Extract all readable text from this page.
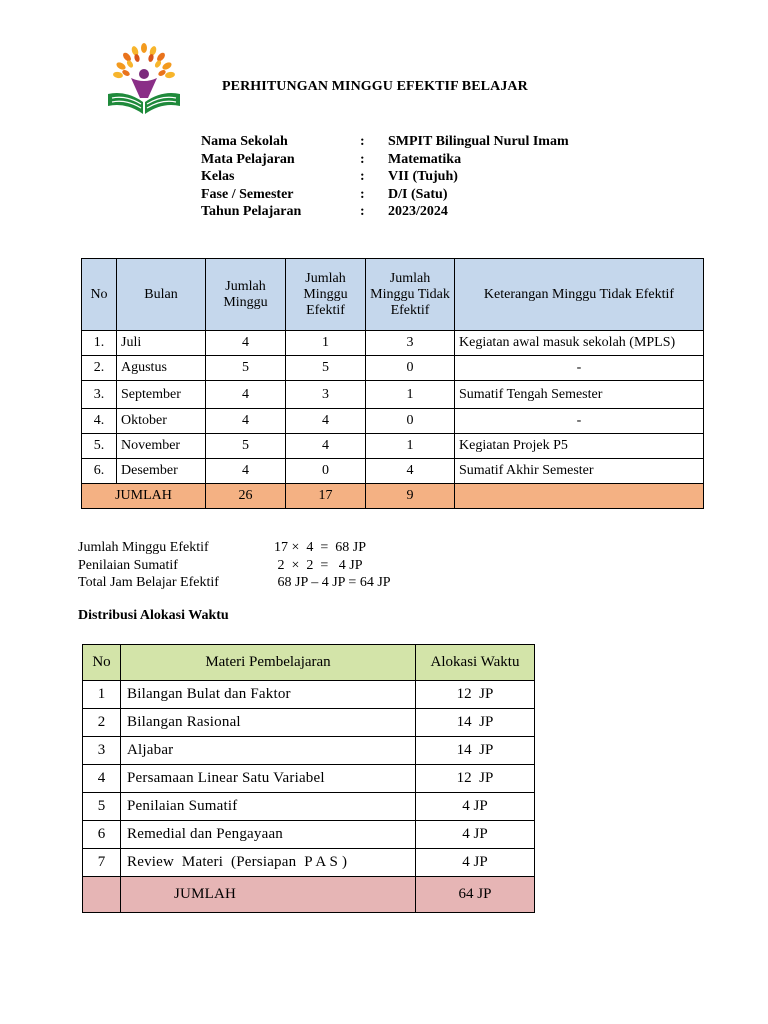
PERHITUNGAN MINGGU EFEKTIF BELAJAR
Nama Sekolah	: SMPIT Bilingual Nurul Imam
Mata Pelajaran	: Matematika
Kelas	: VII (Tujuh)
Fase / Semester	: D/I (Satu)
Tahun Pelajaran	: 2023/2024
No	Bulan	Jumlah Minggu	Jumlah Minggu Efektif	Jumlah Minggu Tidak Efektif	Keterangan Minggu Tidak Efektif
1.	Juli	4	1	3	Kegiatan awal masuk sekolah (MPLS)
2.	Agustus	5	5	0	-
3.	September	4	3	1	Sumatif Tengah Semester
4.	Oktober	4	4	0	-
5.	November	5	4	1	Kegiatan Projek P5
6.	Desember	4	0	4	Sumatif Akhir Semester
JUMLAH		26	17	9	
Jumlah Minggu Efektif	17 ×  4  =  68 JP
Penilaian Sumatif	2  ×  2  =   4 JP
Total Jam Belajar Efektif	68 JP – 4 JP = 64 JP
Distribusi Alokasi Waktu
No	Materi Pembelajaran	Alokasi Waktu
1	Bilangan Bulat dan Faktor	12  JP
2	Bilangan Rasional	14  JP
3	Aljabar	14  JP
4	Persamaan Linear Satu Variabel	12  JP
5	Penilaian Sumatif	4 JP
6	Remedial dan Pengayaan	4 JP
7	Review  Materi  (Persiapan  P A S )	4 JP
	JUMLAH	64 JP
